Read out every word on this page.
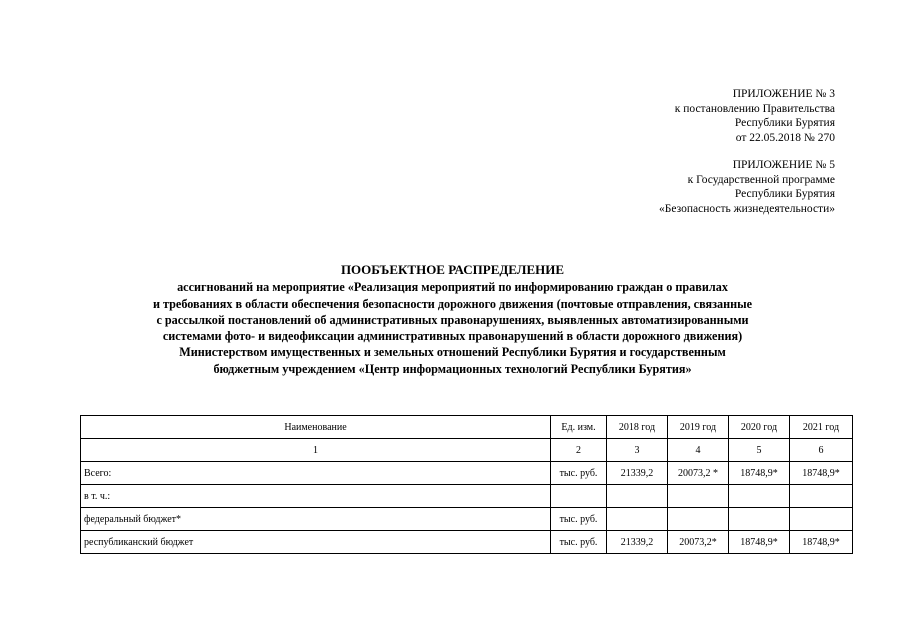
ПРИЛОЖЕНИЕ № 3
к постановлению Правительства
Республики Бурятия
от 22.05.2018 № 270
ПРИЛОЖЕНИЕ № 5
к Государственной программе
Республики Бурятия
«Безопасность жизнедеятельности»
ПООБЪЕКТНОЕ РАСПРЕДЕЛЕНИЕ
ассигнований на мероприятие «Реализация мероприятий по информированию граждан о правилах
и требованиях в области обеспечения безопасности дорожного движения (почтовые отправления, связанные
с рассылкой постановлений об административных правонарушениях, выявленных автоматизированными
системами фото- и видеофиксации административных правонарушений в области дорожного движения)
Министерством имущественных и земельных отношений Республики Бурятия и государственным
бюджетным учреждением «Центр информационных технологий Республики Бурятия»
Наименование	Ед. изм.	2018 год	2019 год	2020 год	2021 год
1	2	3	4	5	6
Всего:	тыс. руб.	21339,2	20073,2 *	18748,9*	18748,9*
в т. ч.:					
федеральный бюджет*	тыс. руб.				
республиканский бюджет	тыс. руб.	21339,2	20073,2*	18748,9*	18748,9*
